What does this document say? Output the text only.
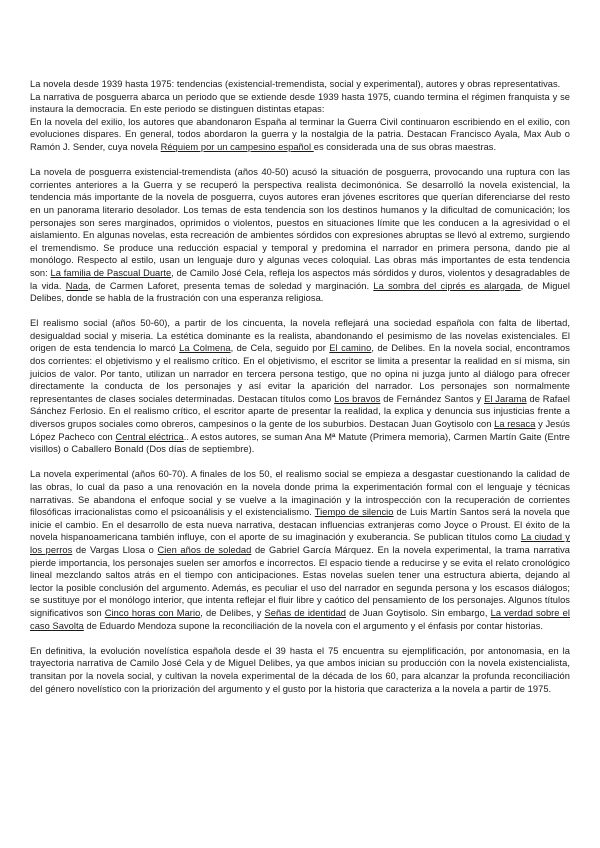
La novela desde 1939 hasta 1975: tendencias (existencial-tremendista, social y experimental), autores y obras representativas.

La narrativa de posguerra abarca un periodo que se extiende desde 1939 hasta 1975, cuando termina el régimen franquista y se instaura la democracia. En este periodo se distinguen distintas etapas:

En la novela del exilio, los autores que abandonaron España al terminar la Guerra Civil continuaron escribiendo en el exilio, con evoluciones dispares. En general, todos abordaron la guerra y la nostalgia de la patria. Destacan Francisco Ayala, Max Aub o Ramón J. Sender, cuya novela Réquiem por un campesino español es considerada una de sus obras maestras.

La novela de posguerra existencial-tremendista (años 40-50) acusó la situación de posguerra, provocando una ruptura con las corrientes anteriores a la Guerra y se recuperó la perspectiva realista decimonónica. Se desarrolló la novela existencial, la tendencia más importante de la novela de posguerra, cuyos autores eran jóvenes escritores que querían diferenciarse del resto en un panorama literario desolador. Los temas de esta tendencia son los destinos humanos y la dificultad de comunicación; los personajes son seres marginados, oprimidos o violentos, puestos en situaciones límite que les conducen a la agresividad o el aislamiento. En algunas novelas, esta recreación de ambientes sórdidos con expresiones abruptas se llevó al extremo, surgiendo el tremendismo. Se produce una reducción espacial y temporal y predomina el narrador en primera persona, dando pie al monólogo. Respecto al estilo, usan un lenguaje duro y algunas veces coloquial. Las obras más importantes de esta tendencia son: La familia de Pascual Duarte, de Camilo José Cela, refleja los aspectos más sórdidos y duros, violentos y desagradables de la vida. Nada, de Carmen Laforet, presenta temas de soledad y marginación. La sombra del ciprés es alargada, de Miguel Delibes, donde se habla de la frustración con una esperanza religiosa.

El realismo social (años 50-60), a partir de los cincuenta, la novela reflejará una sociedad española con falta de libertad, desigualdad social y miseria. La estética dominante es la realista, abandonando el pesimismo de las novelas existenciales. El origen de esta tendencia lo marcó La Colmena, de Cela, seguido por El camino, de Delibes. En la novela social, encontramos dos corrientes: el objetivismo y el realismo crítico. En el objetivismo, el escritor se limita a presentar la realidad en sí misma, sin juicios de valor. Por tanto, utilizan un narrador en tercera persona testigo, que no opina ni juzga junto al diálogo para ofrecer directamente la conducta de los personajes y así evitar la aparición del narrador. Los personajes son normalmente representantes de clases sociales determinadas. Destacan títulos como Los bravos de Fernández Santos y El Jarama de Rafael Sánchez Ferlosio. En el realismo crítico, el escritor aparte de presentar la realidad, la explica y denuncia sus injusticias frente a diversos grupos sociales como obreros, campesinos o la gente de los suburbios. Destacan Juan Goytisolo con La resaca y Jesús López Pacheco con Central eléctrica.. A estos autores, se suman Ana Mª Matute (Primera memoria), Carmen Martín Gaite (Entre visillos) o Caballero Bonald (Dos días de septiembre).

La novela experimental (años 60-70). A finales de los 50, el realismo social se empieza a desgastar cuestionando la calidad de las obras, lo cual da paso a una renovación en la novela donde prima la experimentación formal con el lenguaje y técnicas narrativas. Se abandona el enfoque social y se vuelve a la imaginación y la introspección con la recuperación de corrientes filosóficas irracionalistas como el psicoanálisis y el existencialismo. Tiempo de silencio de Luis Martín Santos será la novela que inicie el cambio. En el desarrollo de esta nueva narrativa, destacan influencias extranjeras como Joyce o Proust. El éxito de la novela hispanoamericana también influye, con el aporte de su imaginación y exuberancia. Se publican títulos como La ciudad y los perros de Vargas Llosa o Cien años de soledad de Gabriel García Márquez. En la novela experimental, la trama narrativa pierde importancia, los personajes suelen ser amorfos e incorrectos. El espacio tiende a reducirse y se evita el relato cronológico lineal mezclando saltos atrás en el tiempo con anticipaciones. Estas novelas suelen tener una estructura abierta, dejando al lector la posible conclusión del argumento. Además, es peculiar el uso del narrador en segunda persona y los escasos diálogos; se sustituye por el monólogo interior, que intenta reflejar el fluir libre y caótico del pensamiento de los personajes. Algunos títulos significativos son Cinco horas con Mario, de Delibes, y Señas de identidad de Juan Goytisolo. Sin embargo, La verdad sobre el caso Savolta de Eduardo Mendoza supone la reconciliación de la novela con el argumento y el énfasis por contar historias.

En definitiva, la evolución novelística española desde el 39 hasta el 75 encuentra su ejemplificación, por antonomasia, en la trayectoria narrativa de Camilo José Cela y de Miguel Delibes, ya que ambos inician su producción con la novela existencialista, transitan por la novela social, y cultivan la novela experimental de la década de los 60, para alcanzar la profunda reconciliación del género novelístico con la priorización del argumento y el gusto por la historia que caracteriza a la novela a partir de 1975.
